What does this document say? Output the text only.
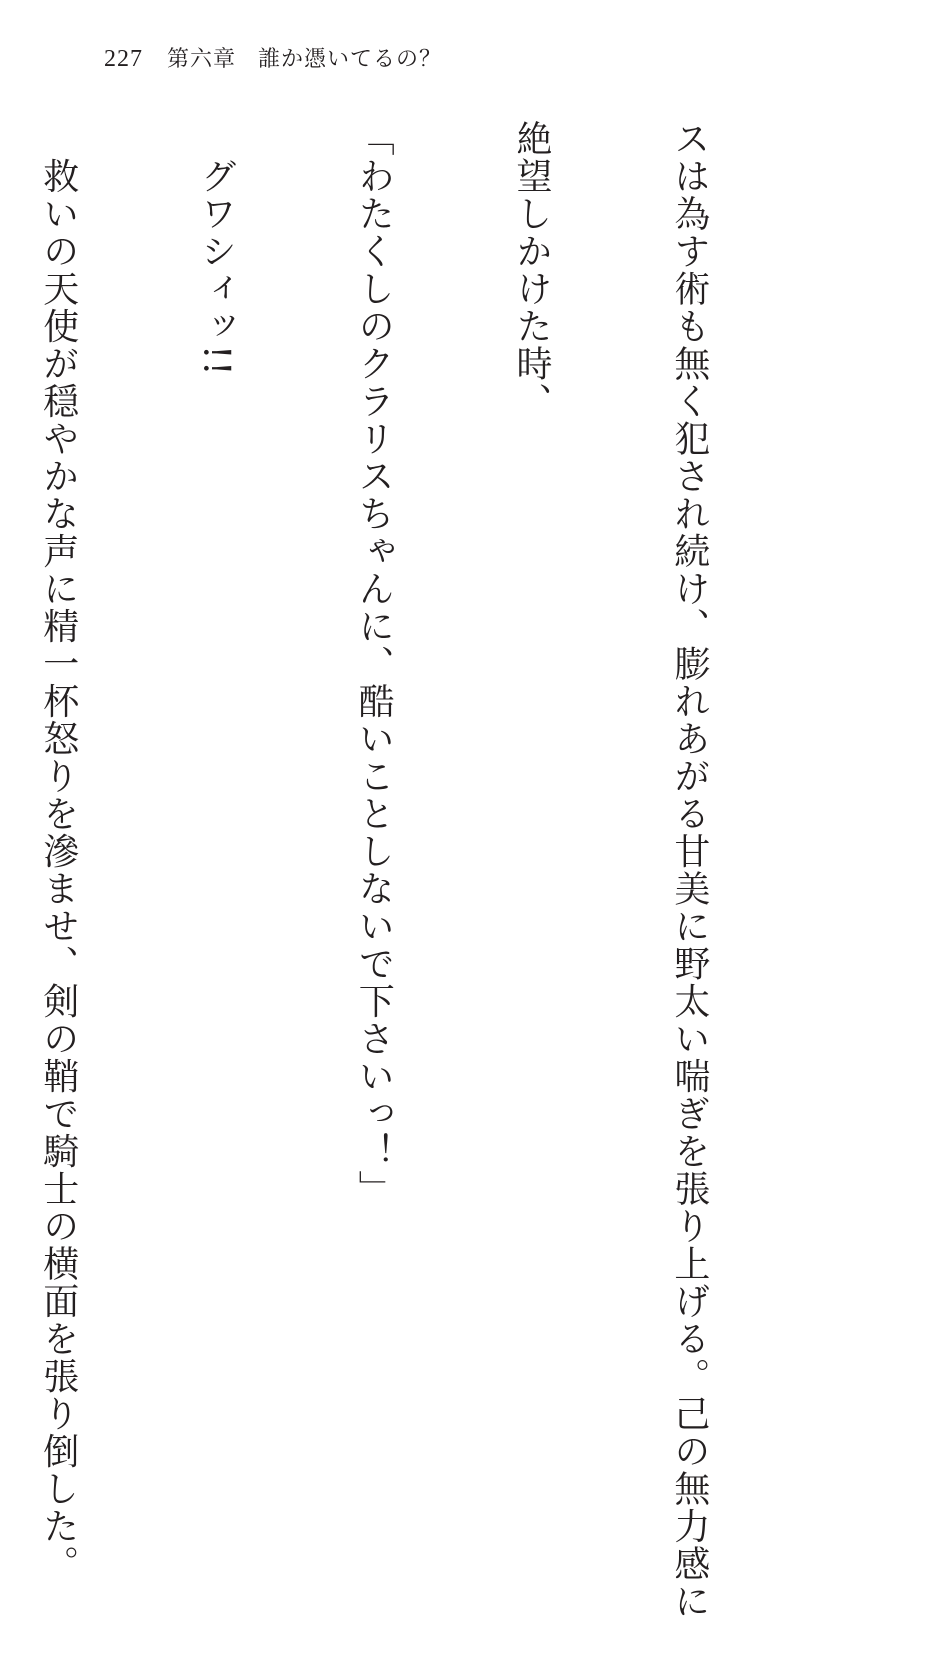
227 第六章 誰か憑いてるの？

スは為す術も無く犯され続け、膨れあがる甘美に野太い喘ぎを張り上げる。己の無力感に

絶望しかけた時、

「わたくしのクラリスちゃんに、酷いことしないで下さいっ！」

　グワシィッ!!

　救いの天使が穏やかな声に精一杯怒りを滲ませ、剣の鞘で騎士の横面を張り倒した。
